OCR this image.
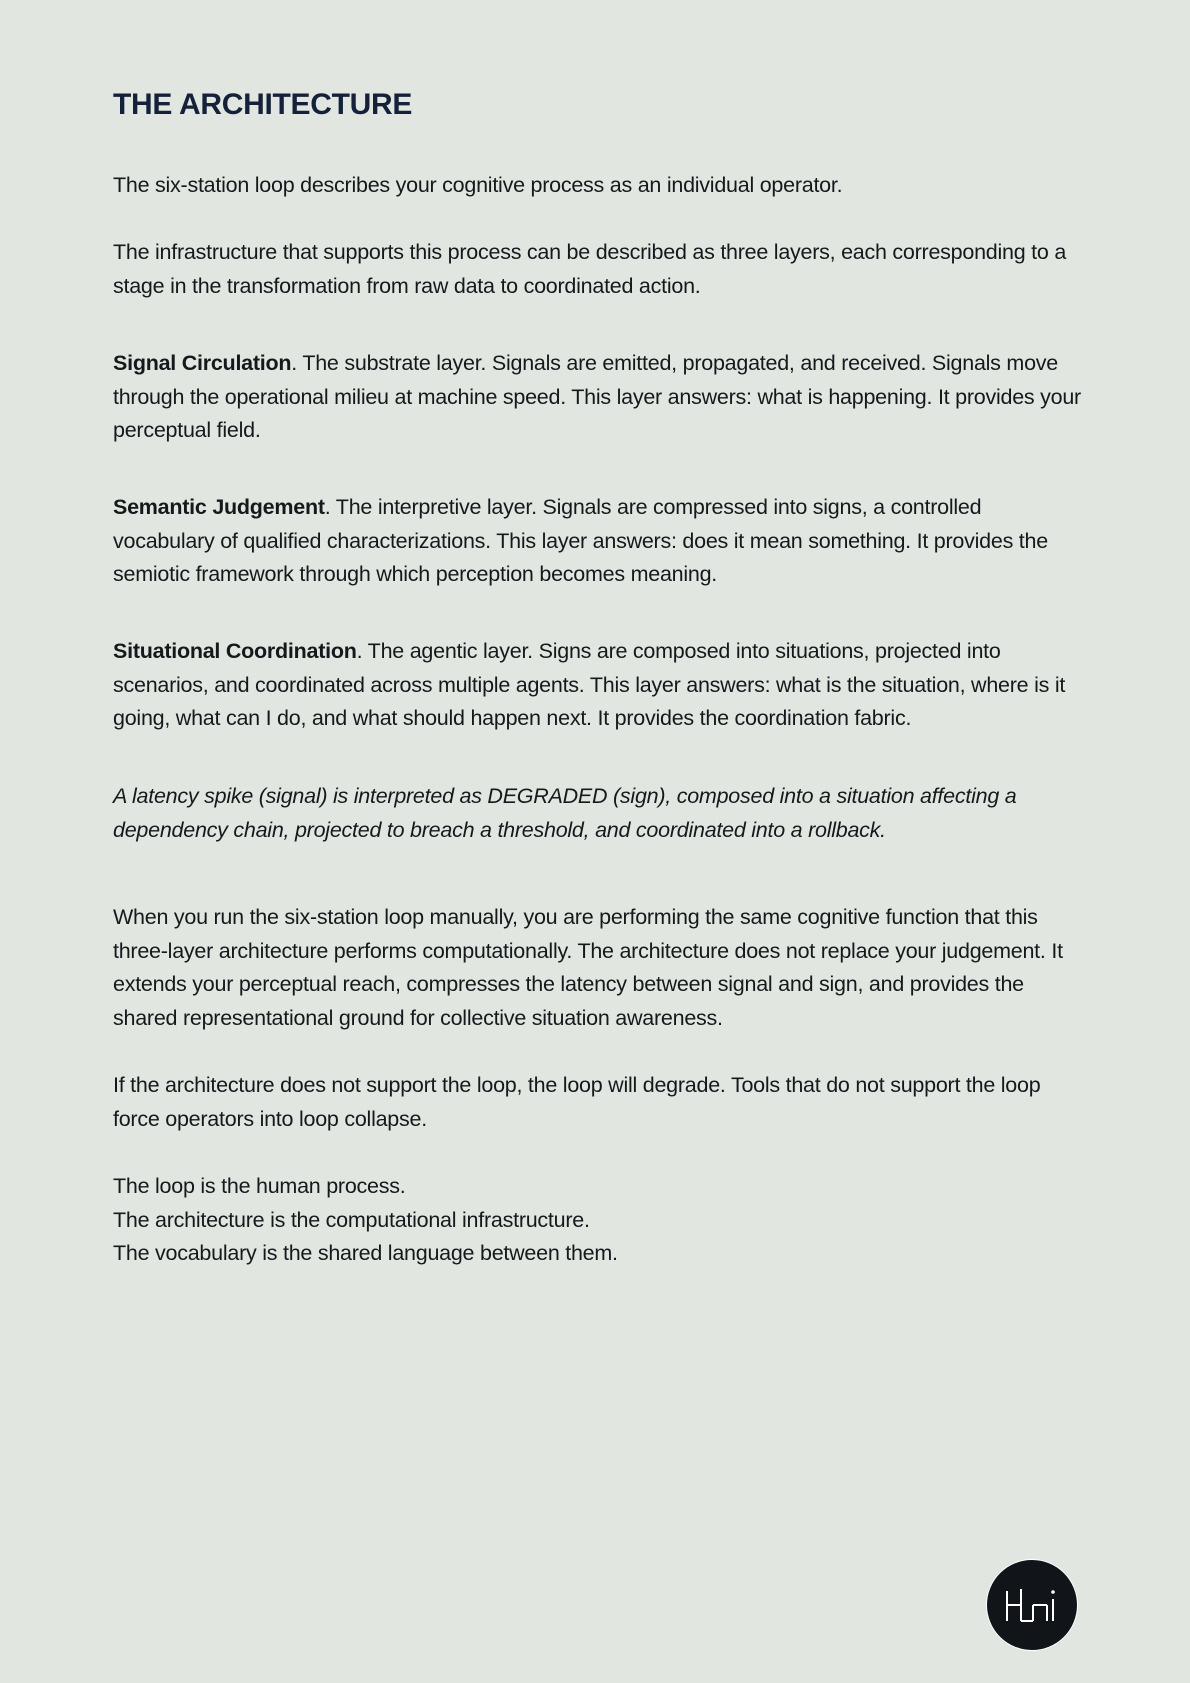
THE ARCHITECTURE

The six-station loop describes your cognitive process as an individual operator.

The infrastructure that supports this process can be described as three layers, each corresponding to a stage in the transformation from raw data to coordinated action.

Signal Circulation. The substrate layer. Signals are emitted, propagated, and received. Signals move through the operational milieu at machine speed. This layer answers: what is happening. It provides your perceptual field.

Semantic Judgement. The interpretive layer. Signals are compressed into signs, a controlled vocabulary of qualified characterizations. This layer answers: does it mean something. It provides the semiotic framework through which perception becomes meaning.

Situational Coordination. The agentic layer. Signs are composed into situations, projected into scenarios, and coordinated across multiple agents. This layer answers: what is the situation, where is it going, what can I do, and what should happen next. It provides the coordination fabric.

A latency spike (signal) is interpreted as DEGRADED (sign), composed into a situation affecting a dependency chain, projected to breach a threshold, and coordinated into a rollback.

When you run the six-station loop manually, you are performing the same cognitive function that this three-layer architecture performs computationally. The architecture does not replace your judgement. It extends your perceptual reach, compresses the latency between signal and sign, and provides the shared representational ground for collective situation awareness.

If the architecture does not support the loop, the loop will degrade. Tools that do not support the loop force operators into loop collapse.

The loop is the human process.
The architecture is the computational infrastructure.
The vocabulary is the shared language between them.
